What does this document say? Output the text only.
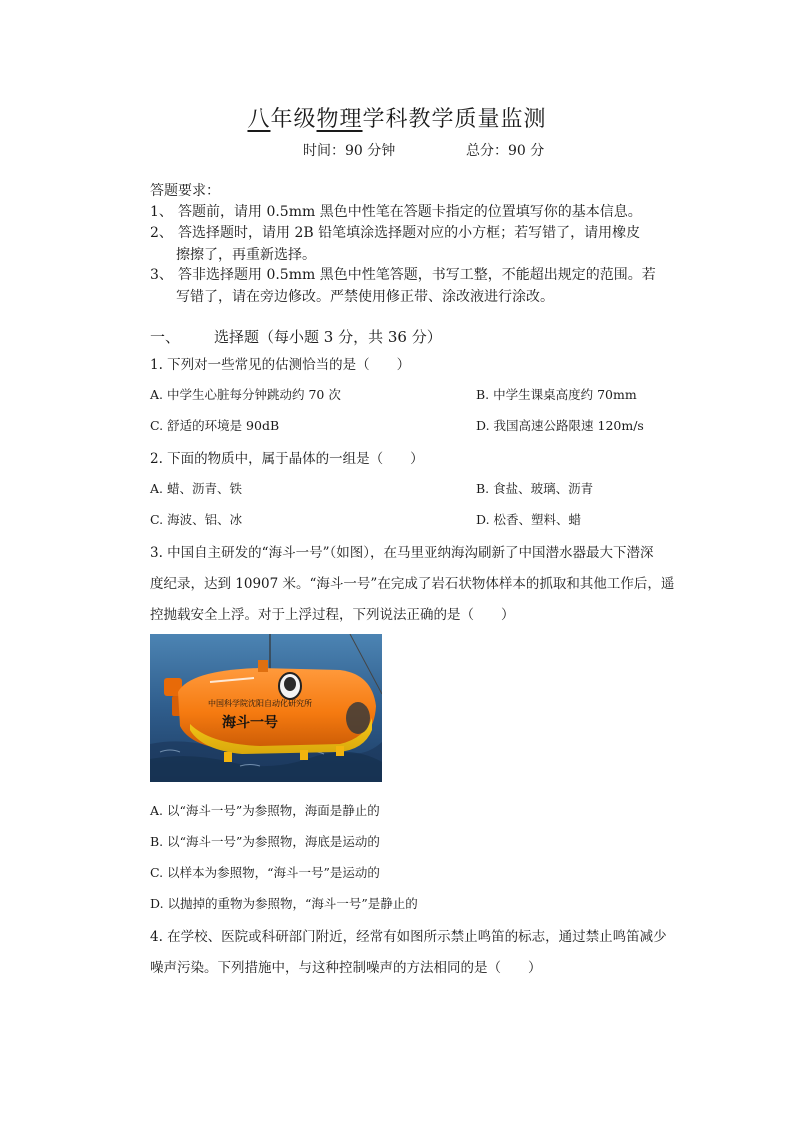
八年级物理学科教学质量监测
时间：90 分钟	总分：90 分
答题要求：
1、 答题前，请用 0.5mm 黑色中性笔在答题卡指定的位置填写你的基本信息。
2、 答选择题时，请用 2B 铅笔填涂选择题对应的小方框；若写错了，请用橡皮
擦擦了，再重新选择。
3、 答非选择题用 0.5mm 黑色中性笔答题，书写工整，不能超出规定的范围。若
写错了，请在旁边修改。严禁使用修正带、涂改液进行涂改。
一、 选择题（每小题 3 分，共 36 分）
1. 下列对一些常见的估测恰当的是（　　）
A. 中学生心脏每分钟跳动约 70 次	B. 中学生课桌高度约 70mm
C. 舒适的环境是 90dB	D. 我国高速公路限速 120m/s
2. 下面的物质中，属于晶体的一组是（　　）
A. 蜡、沥青、铁	B. 食盐、玻璃、沥青
C. 海波、铝、冰	D. 松香、塑料、蜡
3. 中国自主研发的“海斗一号”（如图），在马里亚纳海沟刷新了中国潜水器最大下潜深
度纪录，达到 10907 米。“海斗一号”在完成了岩石状物体样本的抓取和其他工作后，遥
控抛载安全上浮。对于上浮过程，下列说法正确的是（　　）
中国科学院沈阳自动化研究所
海斗一号
A. 以“海斗一号”为参照物，海面是静止的
B. 以“海斗一号”为参照物，海底是运动的
C. 以样本为参照物，“海斗一号”是运动的
D. 以抛掉的重物为参照物，“海斗一号”是静止的
4. 在学校、医院或科研部门附近，经常有如图所示禁止鸣笛的标志，通过禁止鸣笛减少
噪声污染。下列措施中，与这种控制噪声的方法相同的是（　　）
